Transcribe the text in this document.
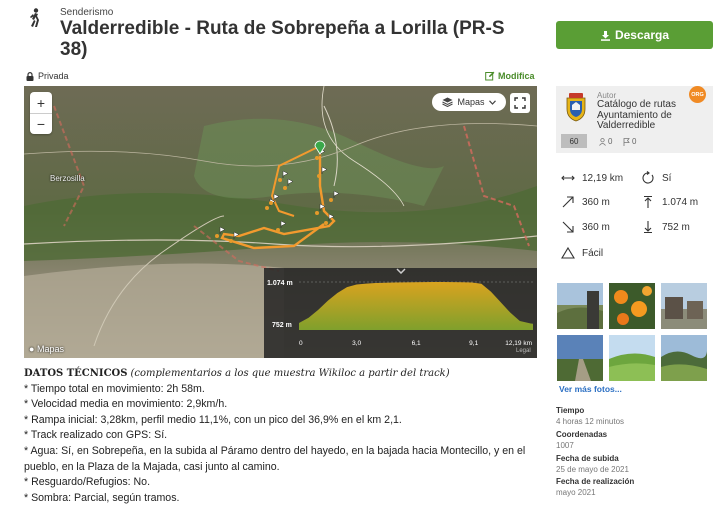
Senderismo
Valderredible - Ruta de Sobrepeña a Lorilla (PR-S 38)
Descarga
Privada	Modifica
+
−
Mapas
Berzosilla
● Mapas
1.074 m
752 m
0	3,0	6,1	9,1	12,19 km
Legal
DATOS TÉCNICOS (complementarios a los que muestra Wikiloc a partir del track)
* Tiempo total en movimiento: 2h 58m.
* Velocidad media en movimiento: 2,9km/h.
* Rampa inicial: 3,28km, perfil medio 11,1%, con un pico del 36,9% en el km 2,1.
* Track realizado con GPS: Sí.
* Agua: Sí, en Sobrepeña, en la subida al Páramo dentro del hayedo, en la bajada hacia Montecillo, y en el
pueblo, en la Plaza de la Majada, casi junto al camino.
* Resguardo/Refugios: No.
* Sombra: Parcial, según tramos.
ORG
Autor
Catálogo de rutas Ayuntamiento de Valderredible
60	0 0
12,19 km	Sí
360 m	1.074 m
360 m	752 m
Fácil
Ver más fotos...
Tiempo
4 horas 12 minutos
Coordenadas
1007
Fecha de subida
25 de mayo de 2021
Fecha de realización
mayo 2021
